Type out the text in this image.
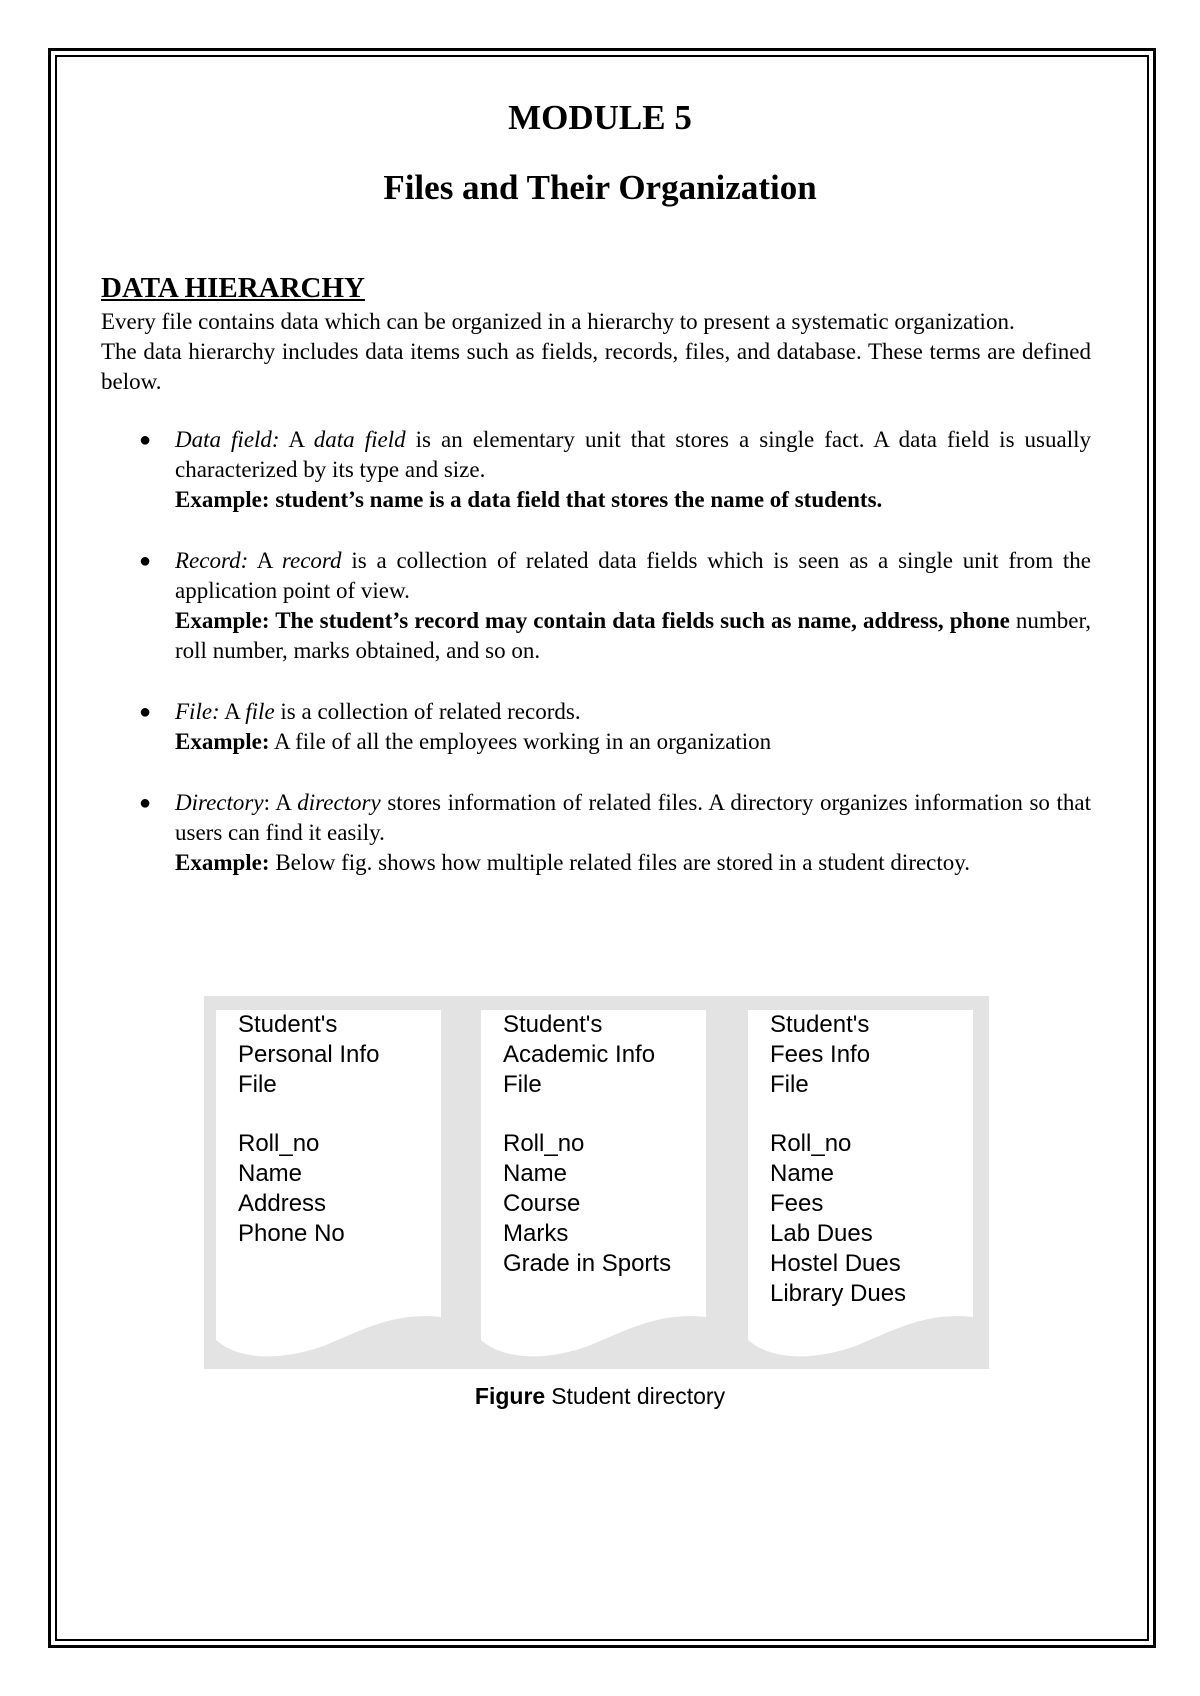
MODULE 5
Files and Their Organization
DATA HIERARCHY

Every file contains data which can be organized in a hierarchy to present a systematic organization.

The data hierarchy includes data items such as fields, records, files, and database. These terms are defined below.

● Data field: A data field is an elementary unit that stores a single fact. A data field is usually characterized by its type and size.

Example: student’s name is a data field that stores the name of students.

● Record: A record is a collection of related data fields which is seen as a single unit from the application point of view.

Example: The student’s record may contain data fields such as name, address, phone number, roll number, marks obtained, and so on.

● File: A file is a collection of related records.

Example: A file of all the employees working in an organization

● Directory: A directory stores information of related files. A directory organizes information so that users can find it easily.

Example: Below fig. shows how multiple related files are stored in a student directoy.

Student's
Personal Info
File
Roll_no
Name
Address
Phone No
Student's
Academic Info
File
Roll_no
Name
Course
Marks
Grade in Sports
Student's
Fees Info
File
Roll_no
Name
Fees
Lab Dues
Hostel Dues
Library Dues
Figure Student directory
